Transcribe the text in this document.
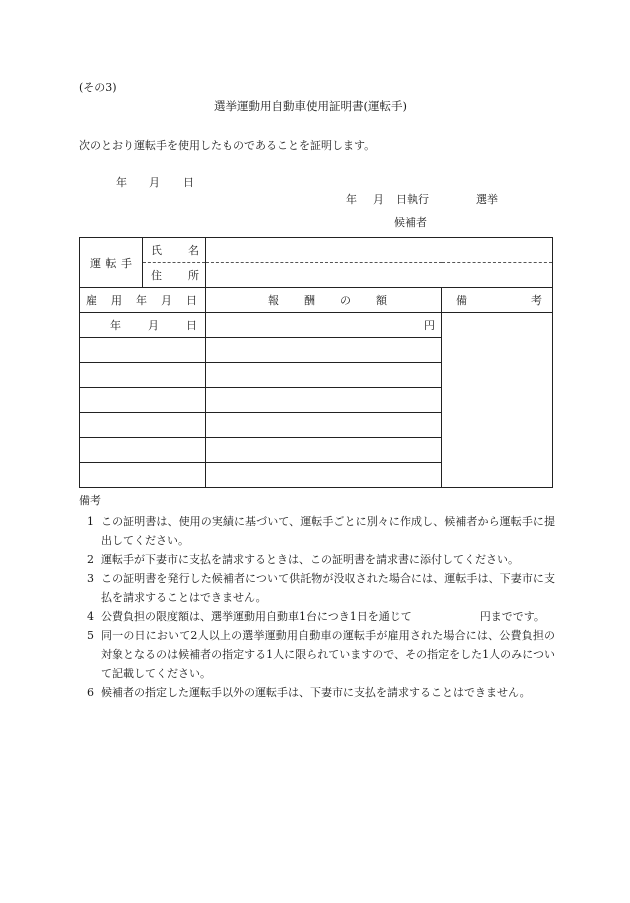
(その3)
選挙運動用自動車使用証明書(運転手)
次のとおり運転手を使用したものであることを証明します。
年 月 日
年 月 日執行	選挙
候補者
運 転 手	氏 名		

	住 所		

雇 用 年 月 日		報 酬 の 額	備 考

年 月 日		円	

備考
1 この証明書は、使用の実績に基づいて、運転手ごとに別々に作成し、候補者から運転手に提出してください。
2 運転手が下妻市に支払を請求するときは、この証明書を請求書に添付してください。
3 この証明書を発行した候補者について供託物が没収された場合には、運転手は、下妻市に支払を請求することはできません。
4 公費負担の限度額は、選挙運動用自動車1台につき1日を通じて	円までです。
5 同一の日において2人以上の選挙運動用自動車の運転手が雇用された場合には、公費負担の対象となるのは候補者の指定する1人に限られていますので、その指定をした1人のみについて記載してください。
6 候補者の指定した運転手以外の運転手は、下妻市に支払を請求することはできません。
